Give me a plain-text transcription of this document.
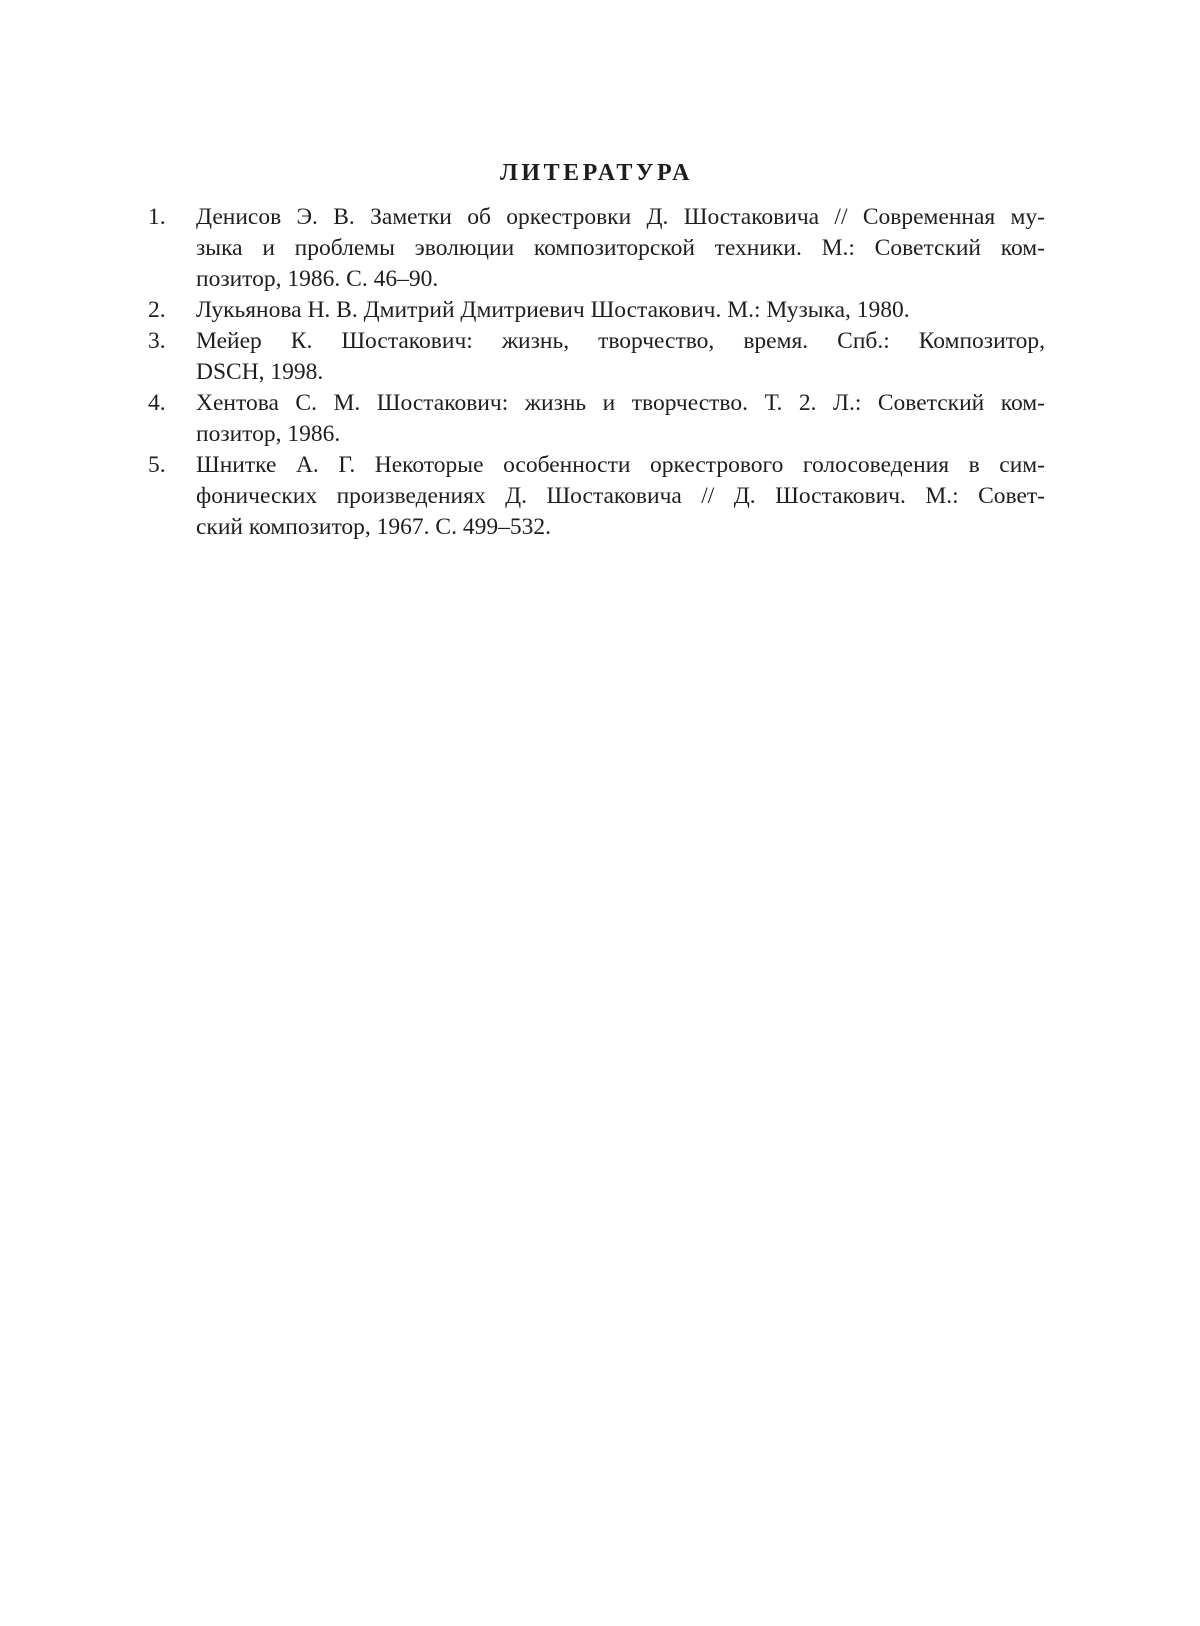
ЛИТЕРАТУРА
1.	Денисов Э. В. Заметки об оркестровки Д. Шостаковича // Современная му-
зыка и проблемы эволюции композиторской техники. М.: Советский ком-
позитор, 1986. С. 46–90.
2.	Лукьянова Н. В. Дмитрий Дмитриевич Шостакович. М.: Музыка, 1980.
3.	Мейер К. Шостакович: жизнь, творчество, время. Спб.: Композитор,
DSCH, 1998.
4.	Хентова С. М. Шостакович: жизнь и творчество. Т. 2. Л.: Советский ком-
позитор, 1986.
5.	Шнитке А. Г. Некоторые особенности оркестрового голосоведения в сим-
фонических произведениях Д. Шостаковича // Д. Шостакович. М.: Совет-
ский композитор, 1967. С. 499–532.
